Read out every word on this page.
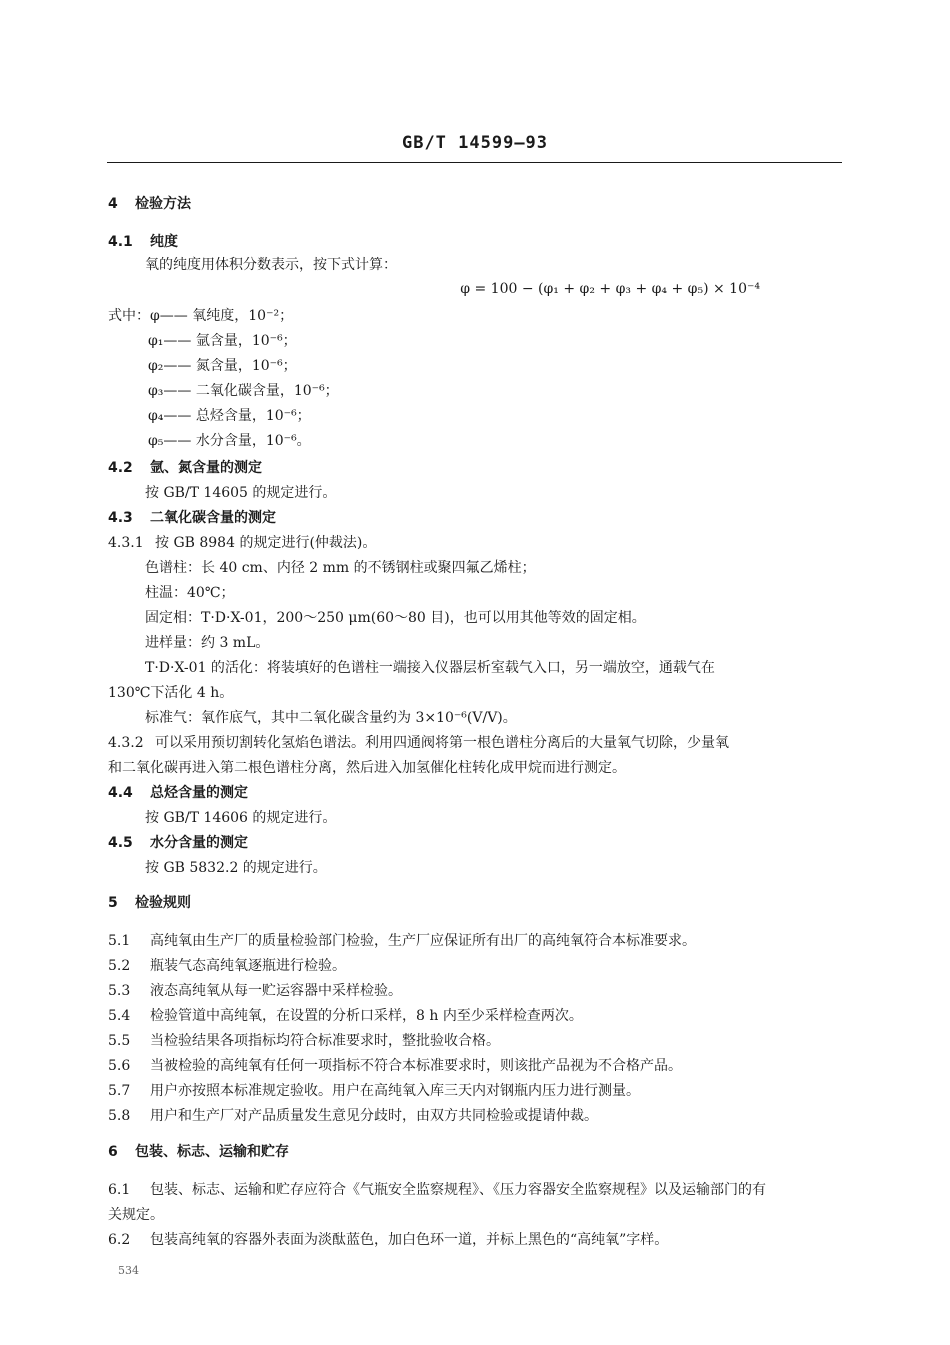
GB/T 14599—93
4 检验方法
4.1 纯度
氧的纯度用体积分数表示，按下式计算：
φ = 100 − (φ₁ + φ₂ + φ₃ + φ₄ + φ₅) × 10⁻⁴
式中：φ—— 氧纯度，10⁻²；
φ₁—— 氩含量，10⁻⁶；
φ₂—— 氮含量，10⁻⁶；
φ₃—— 二氧化碳含量，10⁻⁶；
φ₄—— 总烃含量，10⁻⁶；
φ₅—— 水分含量，10⁻⁶。
4.2 氩、氮含量的测定
按 GB/T 14605 的规定进行。
4.3 二氧化碳含量的测定
4.3.1 按 GB 8984 的规定进行(仲裁法)。
色谱柱：长 40 cm、内径 2 mm 的不锈钢柱或聚四氟乙烯柱；
柱温：40℃；
固定相：T·D·X-01，200～250 μm(60～80 目)，也可以用其他等效的固定相。
进样量：约 3 mL。
T·D·X-01 的活化：将装填好的色谱柱一端接入仪器层析室载气入口，另一端放空，通载气在
130℃下活化 4 h。
标准气：氧作底气，其中二氧化碳含量约为 3×10⁻⁶(V/V)。
4.3.2 可以采用预切割转化氢焰色谱法。利用四通阀将第一根色谱柱分离后的大量氧气切除，少量氧
和二氧化碳再进入第二根色谱柱分离，然后进入加氢催化柱转化成甲烷而进行测定。
4.4 总烃含量的测定
按 GB/T 14606 的规定进行。
4.5 水分含量的测定
按 GB 5832.2 的规定进行。
5 检验规则
5.1 高纯氧由生产厂的质量检验部门检验，生产厂应保证所有出厂的高纯氧符合本标准要求。
5.2 瓶装气态高纯氧逐瓶进行检验。
5.3 液态高纯氧从每一贮运容器中采样检验。
5.4 检验管道中高纯氧，在设置的分析口采样，8 h 内至少采样检查两次。
5.5 当检验结果各项指标均符合标准要求时，整批验收合格。
5.6 当被检验的高纯氧有任何一项指标不符合本标准要求时，则该批产品视为不合格产品。
5.7 用户亦按照本标准规定验收。用户在高纯氧入库三天内对钢瓶内压力进行测量。
5.8 用户和生产厂对产品质量发生意见分歧时，由双方共同检验或提请仲裁。
6 包装、标志、运输和贮存
6.1 包装、标志、运输和贮存应符合《气瓶安全监察规程》、《压力容器安全监察规程》以及运输部门的有
关规定。
6.2 包装高纯氧的容器外表面为淡酞蓝色，加白色环一道，并标上黑色的“高纯氧”字样。
534
